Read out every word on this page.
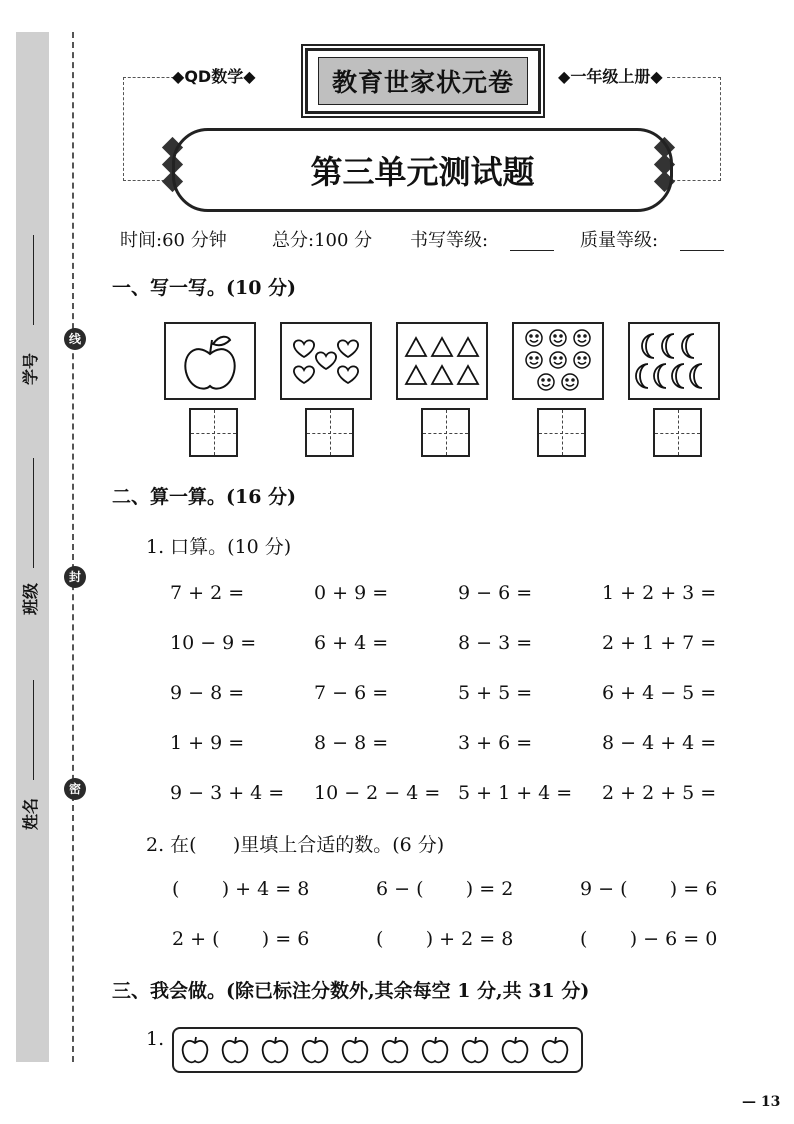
学号
班级
姓名
线
封
密
◆QD数学◆	◆一年级上册◆
教育世家状元卷
第三单元测试题
时间:60 分钟	总分:100 分 书写等级:	质量等级:
一、写一写。(10 分)
二、算一算。(16 分)
1. 口算。(10 分)
7 + 2 =	0 + 9 =	9 − 6 =	1 + 2 + 3 =
10 − 9 =	6 + 4 =	8 − 3 =	2 + 1 + 7 =
9 − 8 =	7 − 6 =	5 + 5 =	6 + 4 − 5 =
1 + 9 =	8 − 8 =	3 + 6 =	8 − 4 + 4 =
9 − 3 + 4 = 10 − 2 − 4 = 5 + 1 + 4 = 2 + 2 + 5 =
2. 在(      )里填上合适的数。(6 分)
(       ) + 4 = 8	6 − (       ) = 2	9 − (       ) = 6
2 + (       ) = 6	(       ) + 2 = 8	(       ) − 6 = 0
三、我会做。(除已标注分数外,其余每空 1 分,共 31 分)
1.
— 13
